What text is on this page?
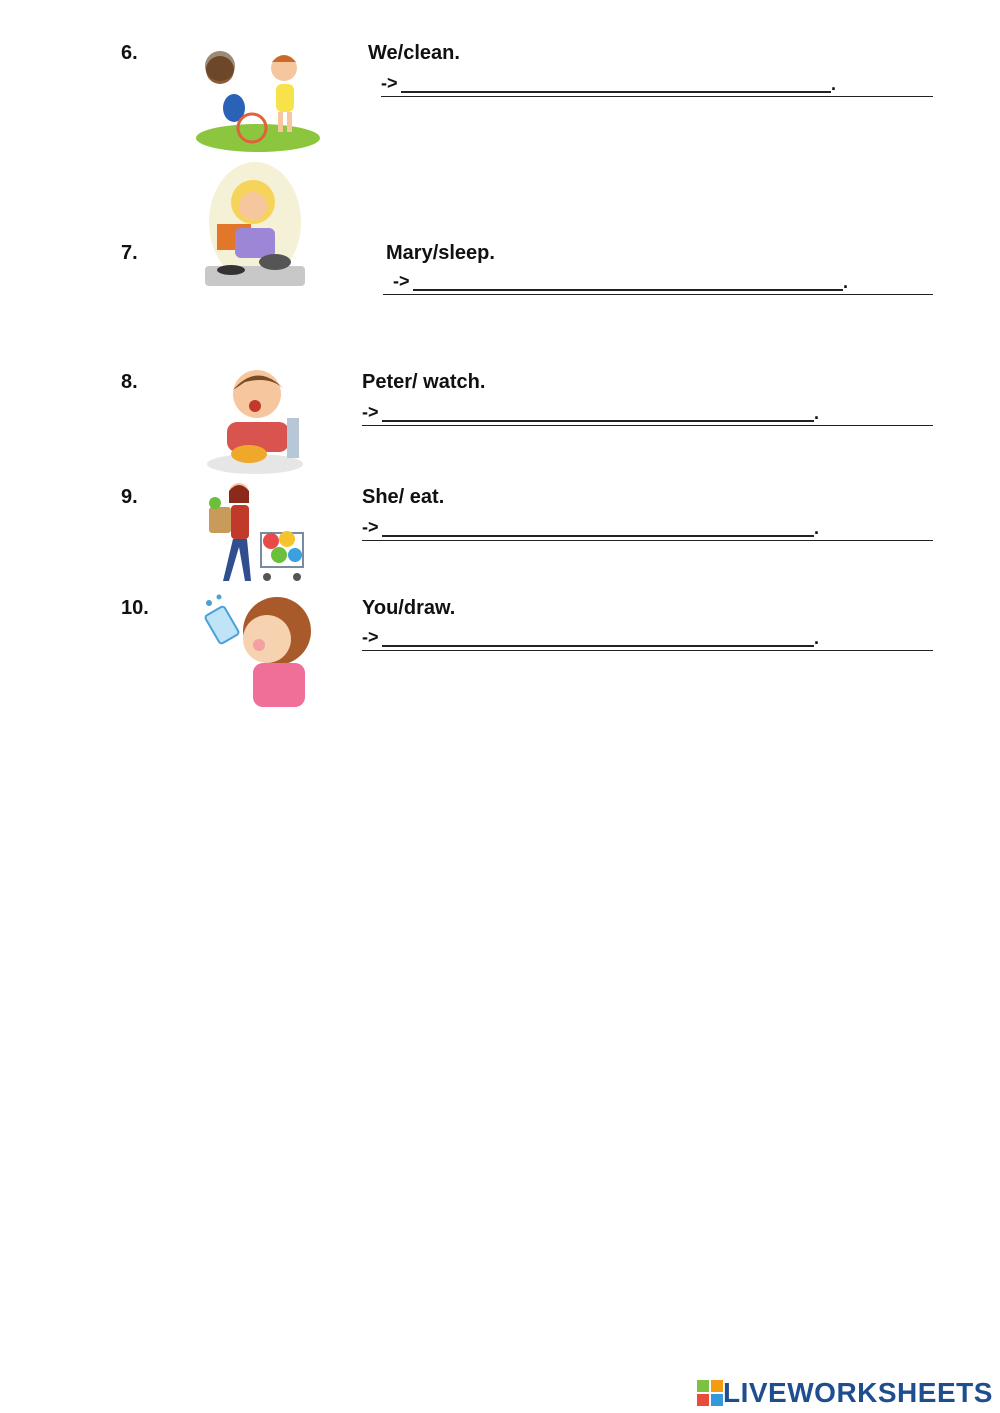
6.	We/clean.
->	.
7.	Mary/sleep.
->	.
8.	Peter/ watch.
->	.
9.	She/ eat.
->	.
10.	You/draw.
->	.
LIVEWORKSHEETS
